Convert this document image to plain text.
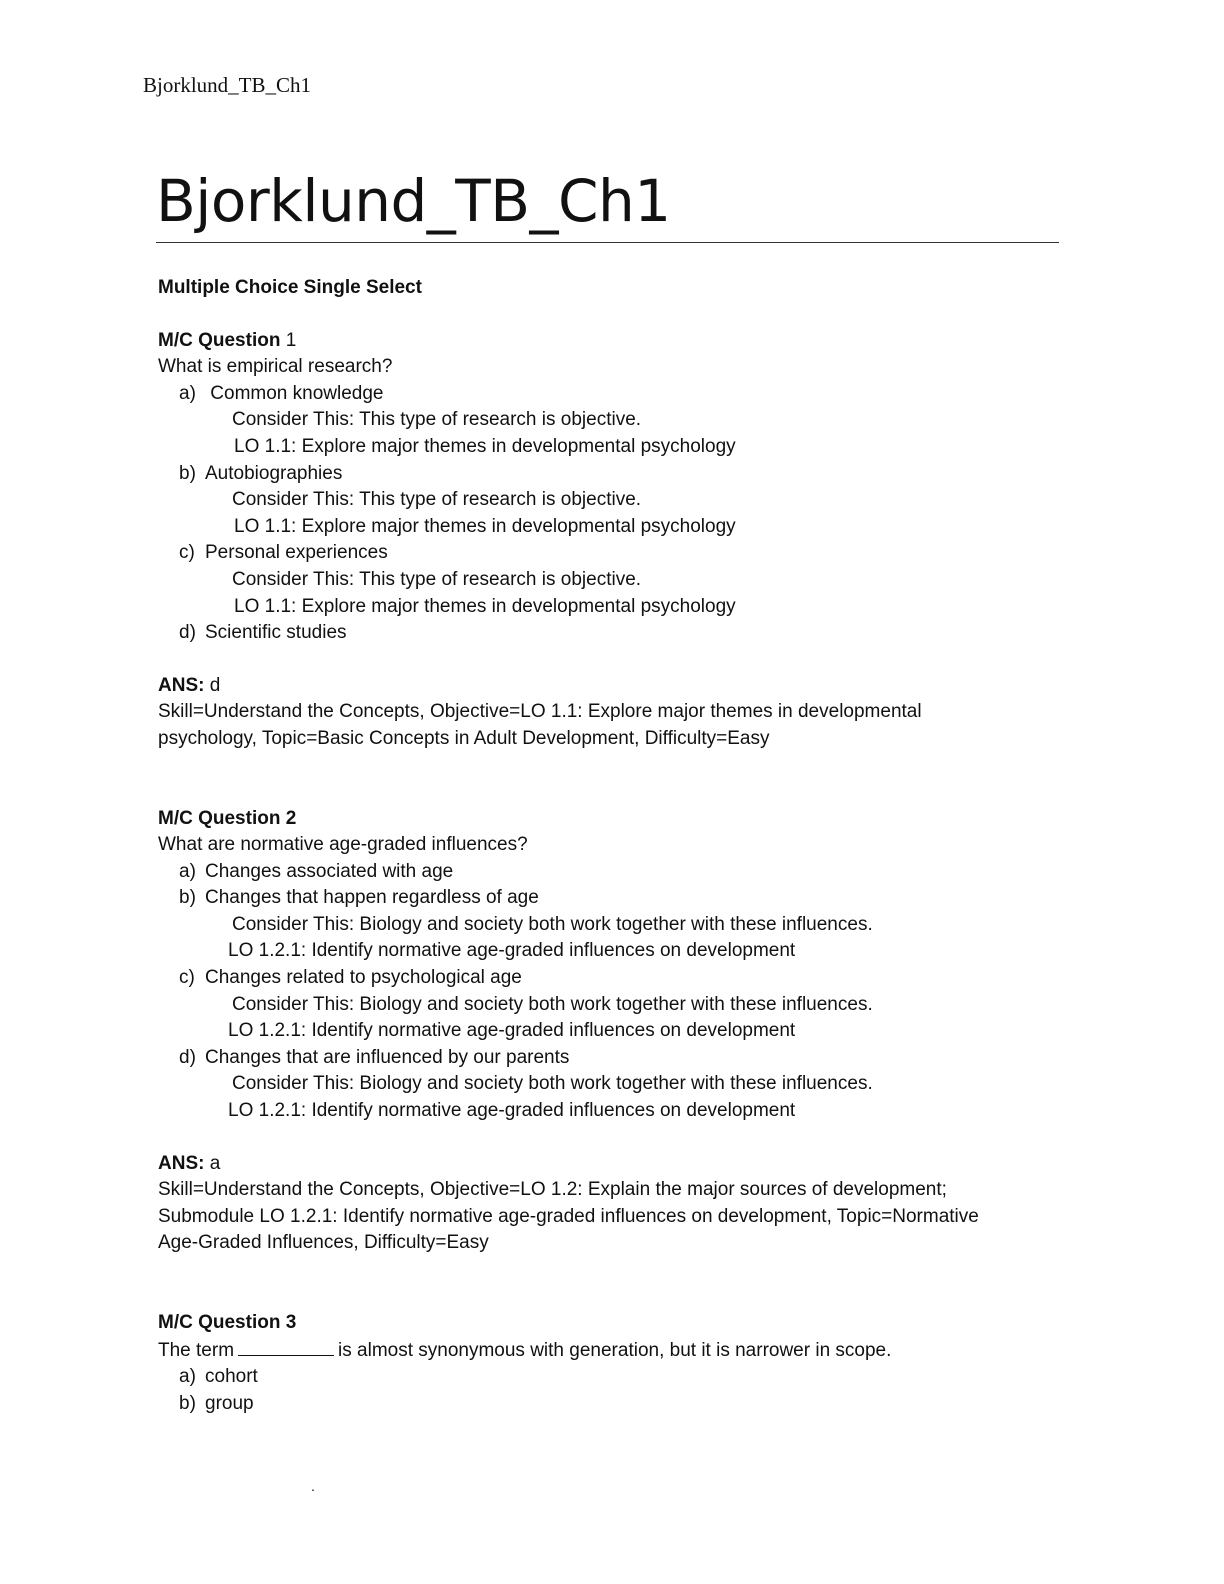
Bjorklund_TB_Ch1
Bjorklund_TB_Ch1
Multiple Choice Single Select
M/C Question 1
What is empirical research?
a) Common knowledge
Consider This: This type of research is objective.
LO 1.1: Explore major themes in developmental psychology
b) Autobiographies
Consider This: This type of research is objective.
LO 1.1: Explore major themes in developmental psychology
c) Personal experiences
Consider This: This type of research is objective.
LO 1.1: Explore major themes in developmental psychology
d) Scientific studies
ANS: d
Skill=Understand the Concepts, Objective=LO 1.1: Explore major themes in developmental
psychology, Topic=Basic Concepts in Adult Development, Difficulty=Easy
M/C Question 2
What are normative age-graded influences?
a) Changes associated with age
b) Changes that happen regardless of age
Consider This: Biology and society both work together with these influences.
LO 1.2.1: Identify normative age-graded influences on development
c) Changes related to psychological age
Consider This: Biology and society both work together with these influences.
LO 1.2.1: Identify normative age-graded influences on development
d) Changes that are influenced by our parents
Consider This: Biology and society both work together with these influences.
LO 1.2.1: Identify normative age-graded influences on development
ANS: a
Skill=Understand the Concepts, Objective=LO 1.2: Explain the major sources of development;
Submodule LO 1.2.1: Identify normative age-graded influences on development, Topic=Normative
Age-Graded Influences, Difficulty=Easy
M/C Question 3
The term	is almost synonymous with generation, but it is narrower in scope.
a) cohort
b) group
.
